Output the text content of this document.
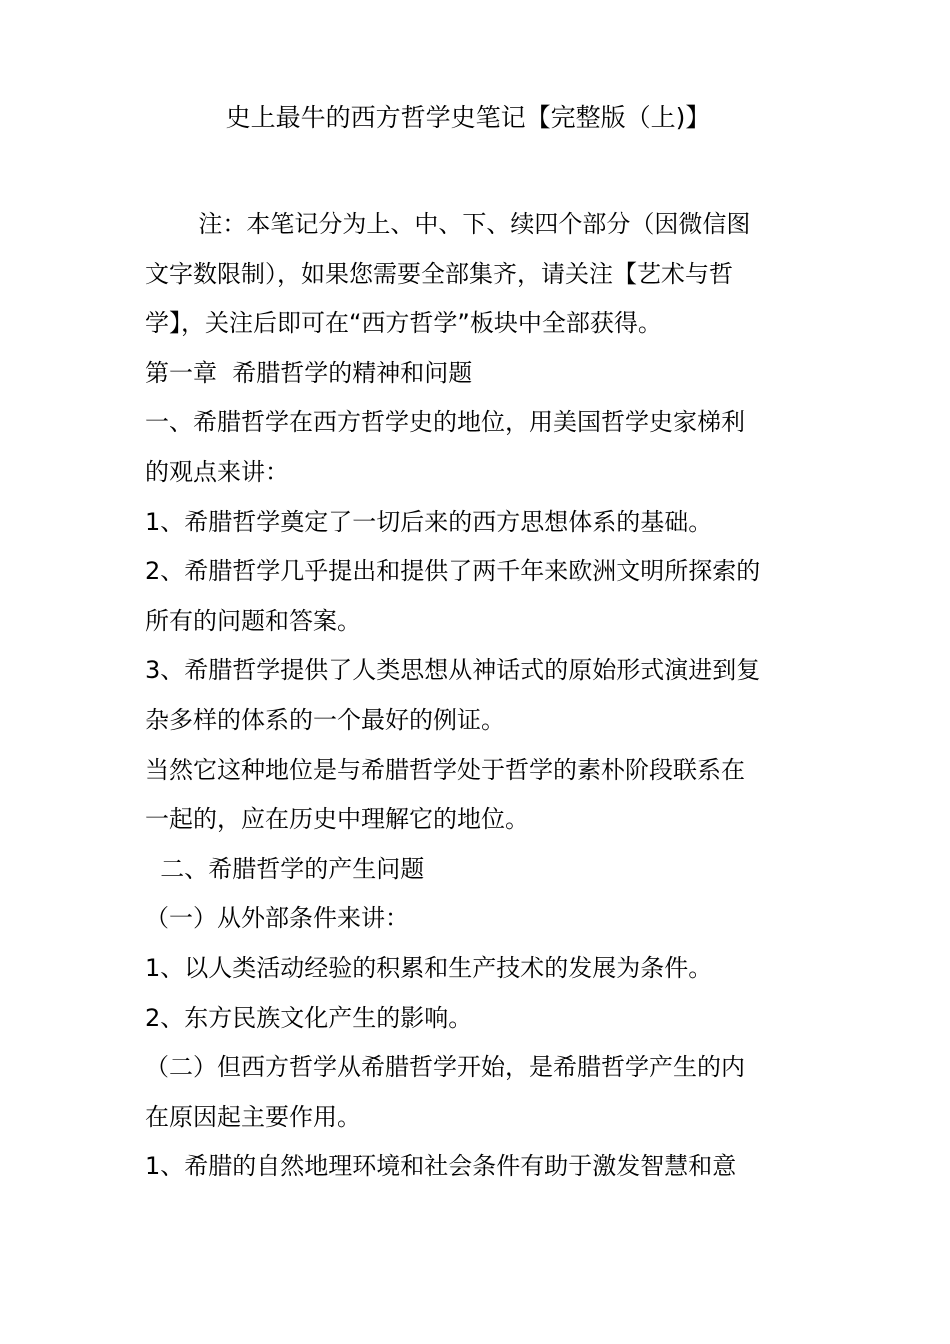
史上最牛的西方哲学史笔记【完整版（上)】
注：本笔记分为上、中、下、续四个部分（因微信图
文字数限制），如果您需要全部集齐，请关注【艺术与哲
学】，关注后即可在“西方哲学”板块中全部获得。
第一章  希腊哲学的精神和问题
一、希腊哲学在西方哲学史的地位，用美国哲学史家梯利
的观点来讲：
1、希腊哲学奠定了一切后来的西方思想体系的基础。
2、希腊哲学几乎提出和提供了两千年来欧洲文明所探索的
所有的问题和答案。
3、希腊哲学提供了人类思想从神话式的原始形式演进到复
杂多样的体系的一个最好的例证。
当然它这种地位是与希腊哲学处于哲学的素朴阶段联系在
一起的，应在历史中理解它的地位。
二、希腊哲学的产生问题
（一）从外部条件来讲：
1、以人类活动经验的积累和生产技术的发展为条件。
2、东方民族文化产生的影响。
（二）但西方哲学从希腊哲学开始，是希腊哲学产生的内
在原因起主要作用。
1、希腊的自然地理环境和社会条件有助于激发智慧和意
